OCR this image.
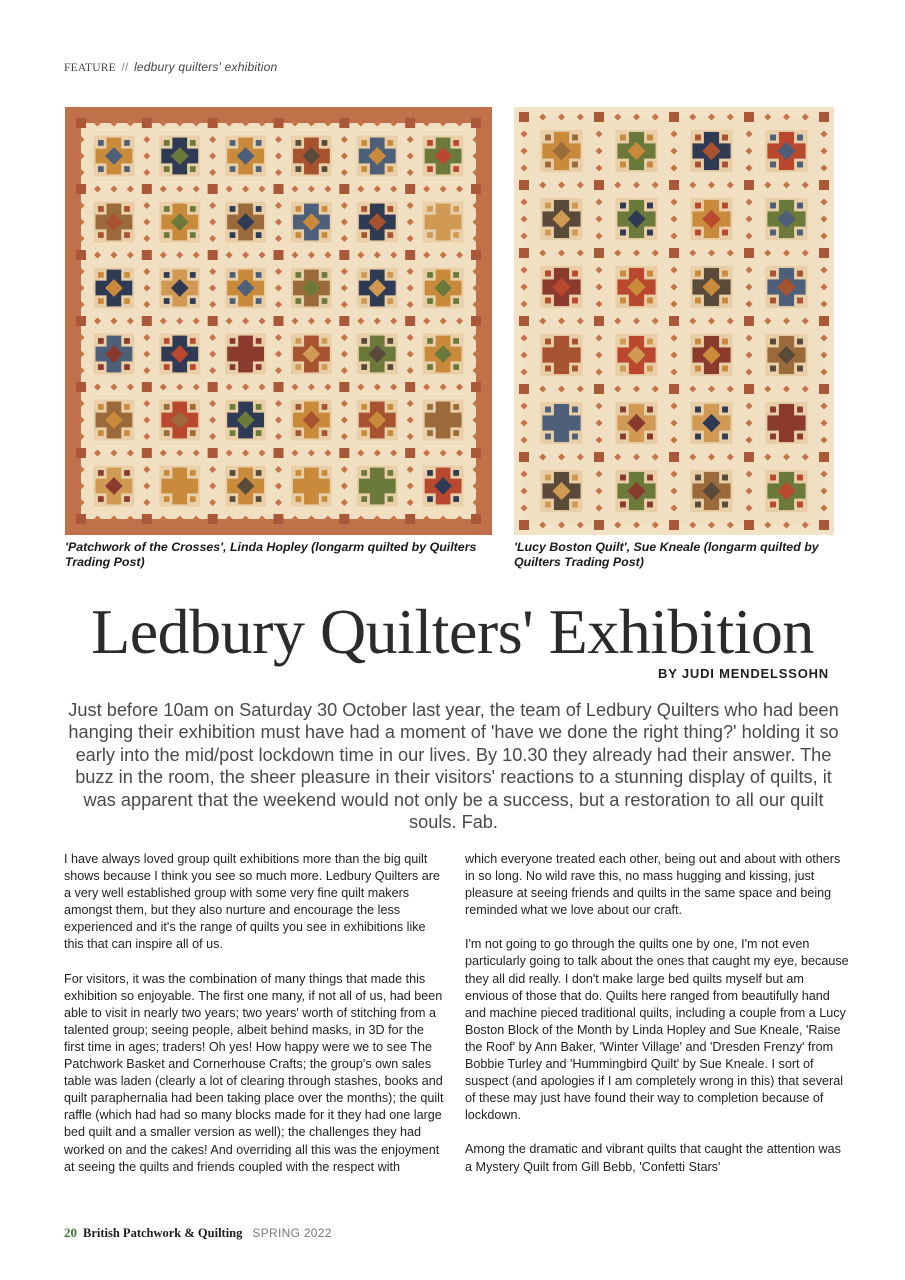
FEATURE // ledbury quilters' exhibition
'Patchwork of the Crosses', Linda Hopley (longarm quilted by Quilters Trading Post)
'Lucy Boston Quilt', Sue Kneale (longarm quilted by Quilters Trading Post)
Ledbury Quilters' Exhibition
BY JUDI MENDELSSOHN
Just before 10am on Saturday 30 October last year, the team of Ledbury Quilters who had been hanging their exhibition must have had a moment of 'have we done the right thing?' holding it so early into the mid/post lockdown time in our lives. By 10.30 they already had their answer. The buzz in the room, the sheer pleasure in their visitors' reactions to a stunning display of quilts, it was apparent that the weekend would not only be a success, but a restoration to all our quilt souls. Fab.

I have always loved group quilt exhibitions more than the big quilt shows because I think you see so much more. Ledbury Quilters are a very well established group with some very fine quilt makers amongst them, but they also nurture and encourage the less experienced and it's the range of quilts you see in exhibitions like this that can inspire all of us.

For visitors, it was the combination of many things that made this exhibition so enjoyable. The first one many, if not all of us, had been able to visit in nearly two years; two years' worth of stitching from a talented group; seeing people, albeit behind masks, in 3D for the first time in ages; traders! Oh yes! How happy were we to see The Patchwork Basket and Cornerhouse Crafts; the group's own sales table was laden (clearly a lot of clearing through stashes, books and quilt paraphernalia had been taking place over the months); the quilt raffle (which had had so many blocks made for it they had one large bed quilt and a smaller version as well); the challenges they had worked on and the cakes! And overriding all this was the enjoyment at seeing the quilts and friends coupled with the respect with

which everyone treated each other, being out and about with others in so long. No wild rave this, no mass hugging and kissing, just pleasure at seeing friends and quilts in the same space and being reminded what we love about our craft.

I'm not going to go through the quilts one by one, I'm not even particularly going to talk about the ones that caught my eye, because they all did really. I don't make large bed quilts myself but am envious of those that do. Quilts here ranged from beautifully hand and machine pieced traditional quilts, including a couple from a Lucy Boston Block of the Month by Linda Hopley and Sue Kneale, 'Raise the Roof' by Ann Baker, 'Winter Village' and 'Dresden Frenzy' from Bobbie Turley and 'Hummingbird Quilt' by Sue Kneale. I sort of suspect (and apologies if I am completely wrong in this) that several of these may just have found their way to completion because of lockdown.

Among the dramatic and vibrant quilts that caught the attention was a Mystery Quilt from Gill Bebb, 'Confetti Stars'

20 British Patchwork & Quilting SPRING 2022
